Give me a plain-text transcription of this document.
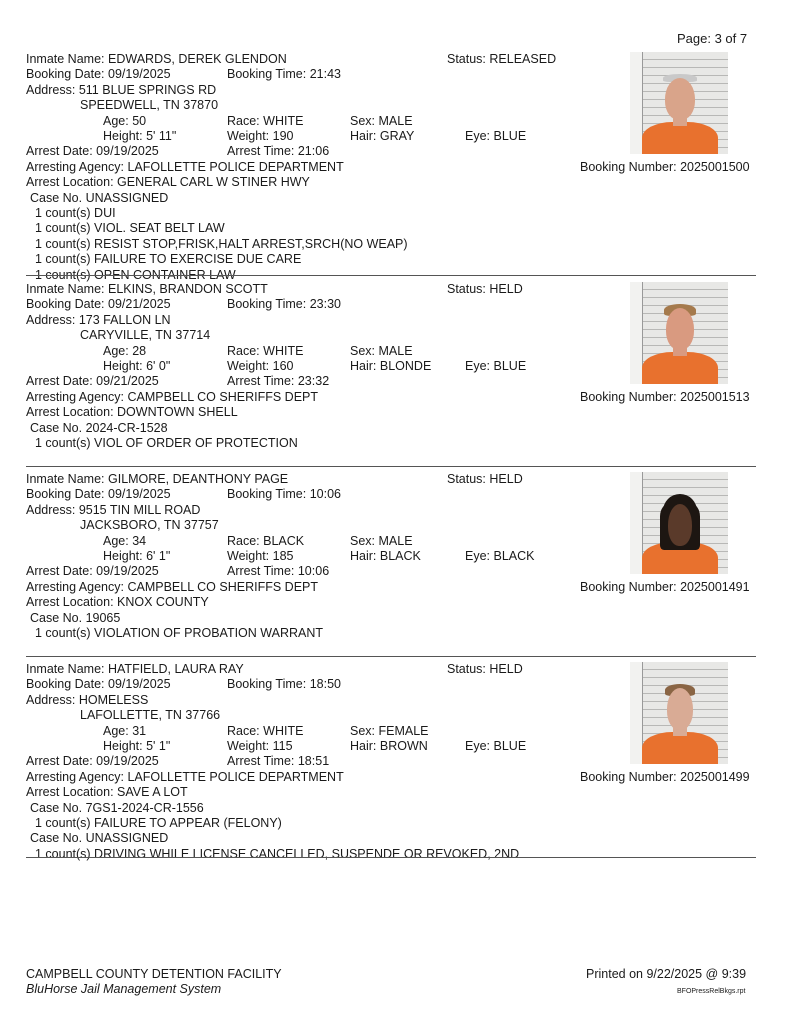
Page: 3 of 7
Inmate Name: EDWARDS, DEREK GLENDON	Status: RELEASED
Booking Date: 09/19/2025	Booking Time: 21:43
Address: 511 BLUE SPRINGS RD
SPEEDWELL, TN 37870
Age: 50	Race: WHITE	Sex: MALE
Height: 5' 11"	Weight: 190	Hair: GRAY	Eye: BLUE
Arrest Date: 09/19/2025	Arrest Time: 21:06
Arresting Agency: LAFOLLETTE POLICE DEPARTMENT	Booking Number: 2025001500
Arrest Location: GENERAL CARL W STINER HWY
Case No. UNASSIGNED
1 count(s) DUI
1 count(s) VIOL. SEAT BELT LAW
1 count(s) RESIST STOP,FRISK,HALT ARREST,SRCH(NO WEAP)
1 count(s) FAILURE TO EXERCISE DUE CARE
1 count(s) OPEN CONTAINER LAW
Inmate Name: ELKINS, BRANDON SCOTT	Status: HELD
Booking Date: 09/21/2025	Booking Time: 23:30
Address: 173 FALLON LN
CARYVILLE, TN 37714
Age: 28	Race: WHITE	Sex: MALE
Height: 6' 0"	Weight: 160	Hair: BLONDE	Eye: BLUE
Arrest Date: 09/21/2025	Arrest Time: 23:32
Arresting Agency: CAMPBELL CO SHERIFFS DEPT	Booking Number: 2025001513
Arrest Location: DOWNTOWN SHELL
Case No. 2024-CR-1528
1 count(s) VIOL OF ORDER OF PROTECTION
Inmate Name: GILMORE, DEANTHONY PAGE	Status: HELD
Booking Date: 09/19/2025	Booking Time: 10:06
Address: 9515 TIN MILL ROAD
JACKSBORO, TN 37757
Age: 34	Race: BLACK	Sex: MALE
Height: 6' 1"	Weight: 185	Hair: BLACK	Eye: BLACK
Arrest Date: 09/19/2025	Arrest Time: 10:06
Arresting Agency: CAMPBELL CO SHERIFFS DEPT	Booking Number: 2025001491
Arrest Location: KNOX COUNTY
Case No. 19065
1 count(s) VIOLATION OF PROBATION WARRANT
Inmate Name: HATFIELD, LAURA RAY	Status: HELD
Booking Date: 09/19/2025	Booking Time: 18:50
Address: HOMELESS
LAFOLLETTE, TN 37766
Age: 31	Race: WHITE	Sex: FEMALE
Height: 5' 1"	Weight: 115	Hair: BROWN	Eye: BLUE
Arrest Date: 09/19/2025	Arrest Time: 18:51
Arresting Agency: LAFOLLETTE POLICE DEPARTMENT	Booking Number: 2025001499
Arrest Location: SAVE A LOT
Case No. 7GS1-2024-CR-1556
1 count(s) FAILURE TO APPEAR (FELONY)
Case No. UNASSIGNED
1 count(s) DRIVING WHILE LICENSE CANCELLED, SUSPENDE OR REVOKED, 2ND
CAMPBELL COUNTY DETENTION FACILITY
BluHorse Jail Management System
Printed on 9/22/2025 @ 9:39
BFOPressRelBkgs.rpt
